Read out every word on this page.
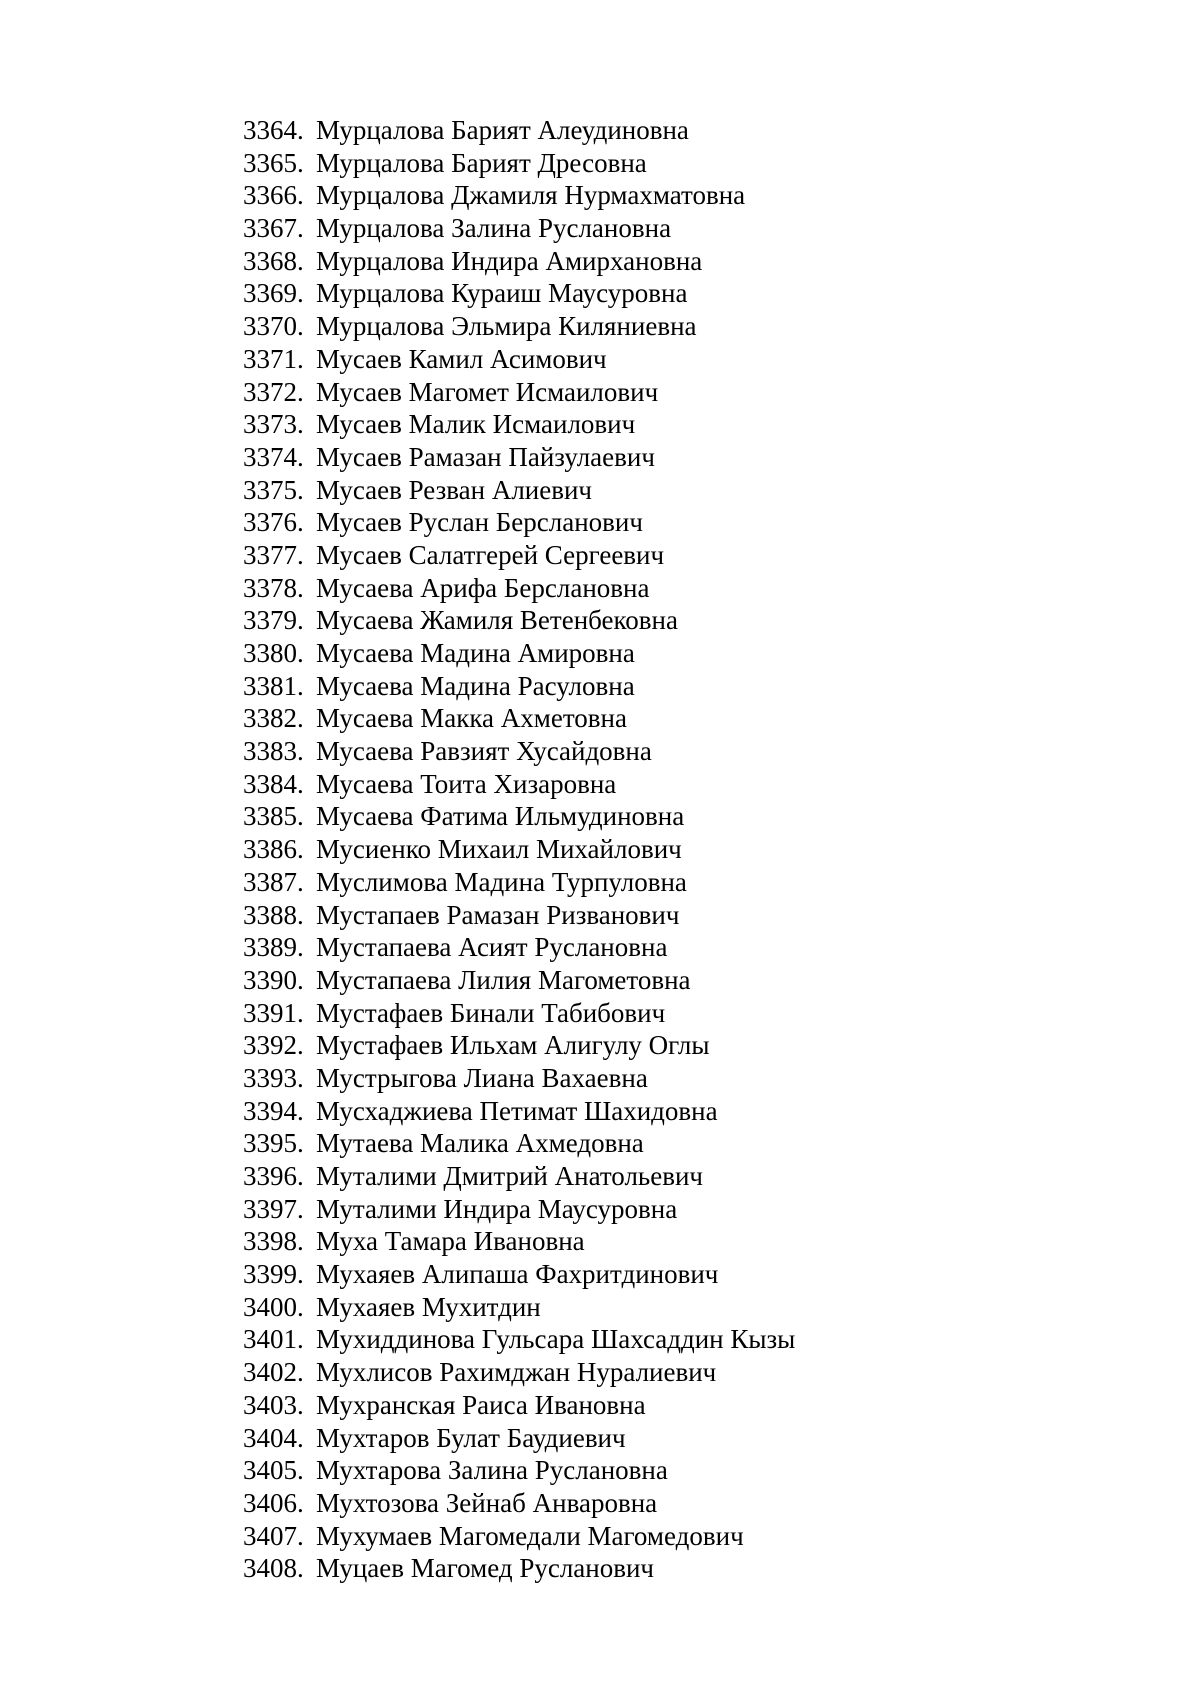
3364. Мурцалова Барият Алеудиновна
3365. Мурцалова Барият Дресовна
3366. Мурцалова Джамиля Нурмахматовна
3367. Мурцалова Залина Руслановна
3368. Мурцалова Индира Амирхановна
3369. Мурцалова Кураиш Маусуровна
3370. Мурцалова Эльмира Киляниевна
3371. Мусаев Камил Асимович
3372. Мусаев Магомет Исмаилович
3373. Мусаев Малик Исмаилович
3374. Мусаев Рамазан Пайзулаевич
3375. Мусаев Резван Алиевич
3376. Мусаев Руслан Берсланович
3377. Мусаев Салатгерей Сергеевич
3378. Мусаева Арифа Берслановна
3379. Мусаева Жамиля Ветенбековна
3380. Мусаева Мадина Амировна
3381. Мусаева Мадина Расуловна
3382. Мусаева Макка Ахметовна
3383. Мусаева Равзият Хусайдовна
3384. Мусаева Тоита Хизаровна
3385. Мусаева Фатима Ильмудиновна
3386. Мусиенко Михаил Михайлович
3387. Муслимова Мадина Турпуловна
3388. Мустапаев Рамазан Ризванович
3389. Мустапаева Асият Руслановна
3390. Мустапаева Лилия Магометовна
3391. Мустафаев Бинали Табибович
3392. Мустафаев Ильхам Алигулу Оглы
3393. Мустрыгова Лиана Вахаевна
3394. Мусхаджиева Петимат Шахидовна
3395. Мутаева Малика Ахмедовна
3396. Муталими Дмитрий Анатольевич
3397. Муталими Индира Маусуровна
3398. Муха Тамара Ивановна
3399. Мухаяев Алипаша Фахритдинович
3400. Мухаяев Мухитдин
3401. Мухиддинова Гульсара Шахсаддин Кызы
3402. Мухлисов Рахимджан Нуралиевич
3403. Мухранская Раиса Ивановна
3404. Мухтаров Булат Баудиевич
3405. Мухтарова Залина Руслановна
3406. Мухтозова Зейнаб Анваровна
3407. Мухумаев Магомедали Магомедович
3408. Муцаев Магомед Русланович
